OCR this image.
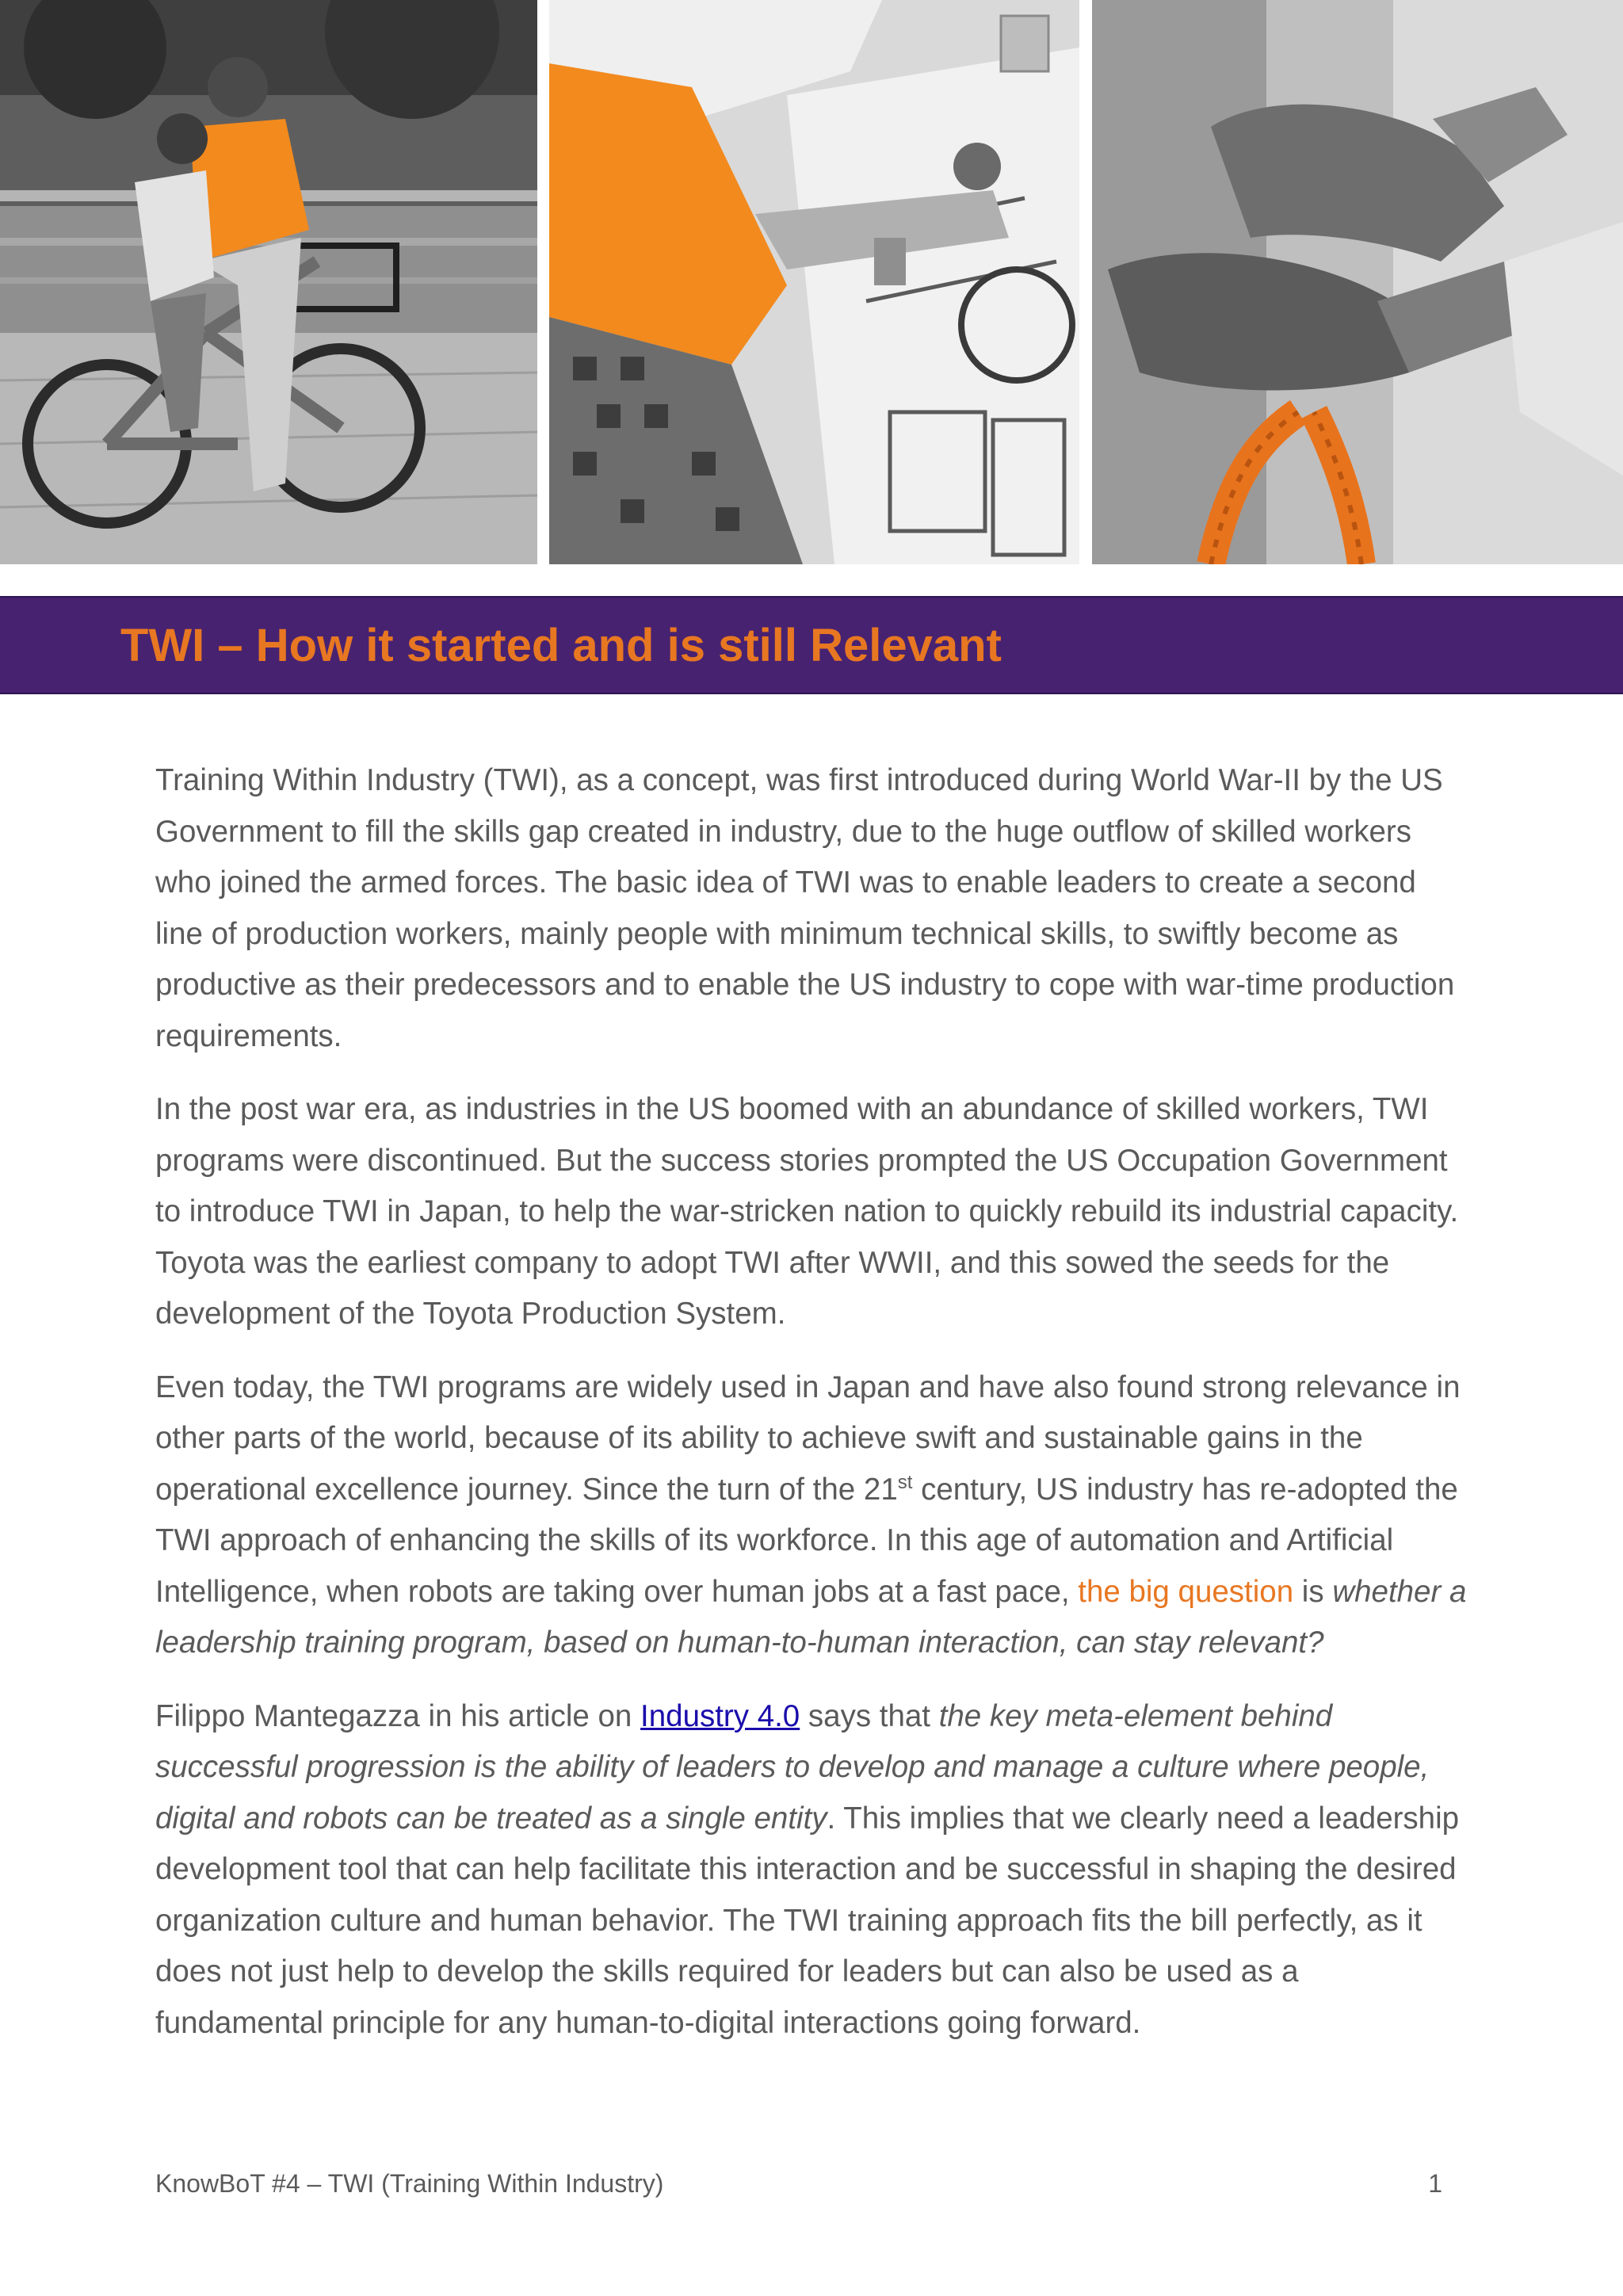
TWI – How it started and is still Relevant

Training Within Industry (TWI), as a concept, was first introduced during World War-II by the US Government to fill the skills gap created in industry, due to the huge outflow of skilled workers who joined the armed forces. The basic idea of TWI was to enable leaders to create a second line of production workers, mainly people with minimum technical skills, to swiftly become as productive as their predecessors and to enable the US industry to cope with war-time production requirements.

In the post war era, as industries in the US boomed with an abundance of skilled workers, TWI programs were discontinued. But the success stories prompted the US Occupation Government to introduce TWI in Japan, to help the war-stricken nation to quickly rebuild its industrial capacity. Toyota was the earliest company to adopt TWI after WWII, and this sowed the seeds for the development of the Toyota Production System.

Even today, the TWI programs are widely used in Japan and have also found strong relevance in other parts of the world, because of its ability to achieve swift and sustainable gains in the operational excellence journey. Since the turn of the 21st century, US industry has re-adopted the TWI approach of enhancing the skills of its workforce. In this age of automation and Artificial Intelligence, when robots are taking over human jobs at a fast pace, the big question is whether a leadership training program, based on human-to-human interaction, can stay relevant?

Filippo Mantegazza in his article on Industry 4.0 says that the key meta-element behind successful progression is the ability of leaders to develop and manage a culture where people, digital and robots can be treated as a single entity. This implies that we clearly need a leadership development tool that can help facilitate this interaction and be successful in shaping the desired organization culture and human behavior. The TWI training approach fits the bill perfectly, as it does not just help to develop the skills required for leaders but can also be used as a fundamental principle for any human-to-digital interactions going forward.

KnowBoT #4 – TWI (Training Within Industry)	1
